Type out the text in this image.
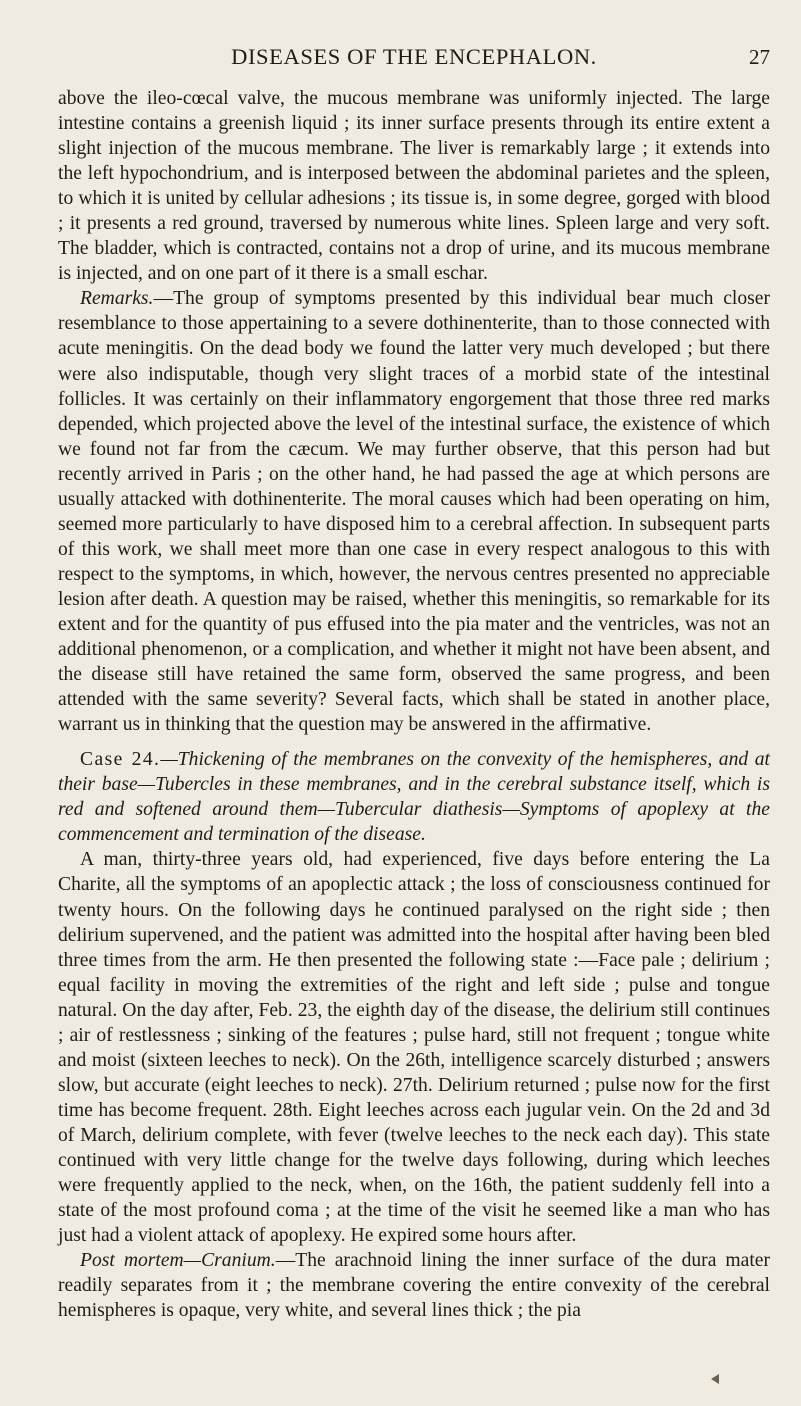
DISEASES OF THE ENCEPHALON.	27

above the ileo-cœcal valve, the mucous membrane was uniformly injected. The large intestine contains a greenish liquid ; its inner surface presents through its entire extent a slight injection of the mucous membrane. The liver is remarkably large ; it extends into the left hypochondrium, and is interposed between the abdominal parietes and the spleen, to which it is united by cellular adhesions ; its tissue is, in some degree, gorged with blood ; it presents a red ground, traversed by numerous white lines. Spleen large and very soft. The bladder, which is contracted, contains not a drop of urine, and its mucous membrane is injected, and on one part of it there is a small eschar.

Remarks.—The group of symptoms presented by this individual bear much closer resemblance to those appertaining to a severe dothinenterite, than to those connected with acute meningitis. On the dead body we found the latter very much developed ; but there were also indisputable, though very slight traces of a morbid state of the intestinal follicles. It was certainly on their inflammatory engorgement that those three red marks depended, which projected above the level of the intestinal surface, the existence of which we found not far from the cæcum. We may further observe, that this person had but recently arrived in Paris ; on the other hand, he had passed the age at which persons are usually attacked with dothinenterite. The moral causes which had been operating on him, seemed more particularly to have disposed him to a cerebral affection. In subsequent parts of this work, we shall meet more than one case in every respect analogous to this with respect to the symptoms, in which, however, the nervous centres presented no appreciable lesion after death. A question may be raised, whether this meningitis, so remarkable for its extent and for the quantity of pus effused into the pia mater and the ventricles, was not an additional phenomenon, or a complication, and whether it might not have been absent, and the disease still have retained the same form, observed the same progress, and been attended with the same severity? Several facts, which shall be stated in another place, warrant us in thinking that the question may be answered in the affirmative.

Case 24.—Thickening of the membranes on the convexity of the hemispheres, and at their base—Tubercles in these membranes, and in the cerebral substance itself, which is red and softened around them—Tubercular diathesis—Symptoms of apoplexy at the commencement and termination of the disease.

A man, thirty-three years old, had experienced, five days before entering the La Charite, all the symptoms of an apoplectic attack ; the loss of consciousness continued for twenty hours. On the following days he continued paralysed on the right side ; then delirium supervened, and the patient was admitted into the hospital after having been bled three times from the arm. He then presented the following state :—Face pale ; delirium ; equal facility in moving the extremities of the right and left side ; pulse and tongue natural. On the day after, Feb. 23, the eighth day of the disease, the delirium still continues ; air of restlessness ; sinking of the features ; pulse hard, still not frequent ; tongue white and moist (sixteen leeches to neck). On the 26th, intelligence scarcely disturbed ; answers slow, but accurate (eight leeches to neck). 27th. Delirium returned ; pulse now for the first time has become frequent. 28th. Eight leeches across each jugular vein. On the 2d and 3d of March, delirium complete, with fever (twelve leeches to the neck each day). This state continued with very little change for the twelve days following, during which leeches were frequently applied to the neck, when, on the 16th, the patient suddenly fell into a state of the most profound coma ; at the time of the visit he seemed like a man who has just had a violent attack of apoplexy. He expired some hours after.

Post mortem—Cranium.—The arachnoid lining the inner surface of the dura mater readily separates from it ; the membrane covering the entire convexity of the cerebral hemispheres is opaque, very white, and several lines thick ; the pia
